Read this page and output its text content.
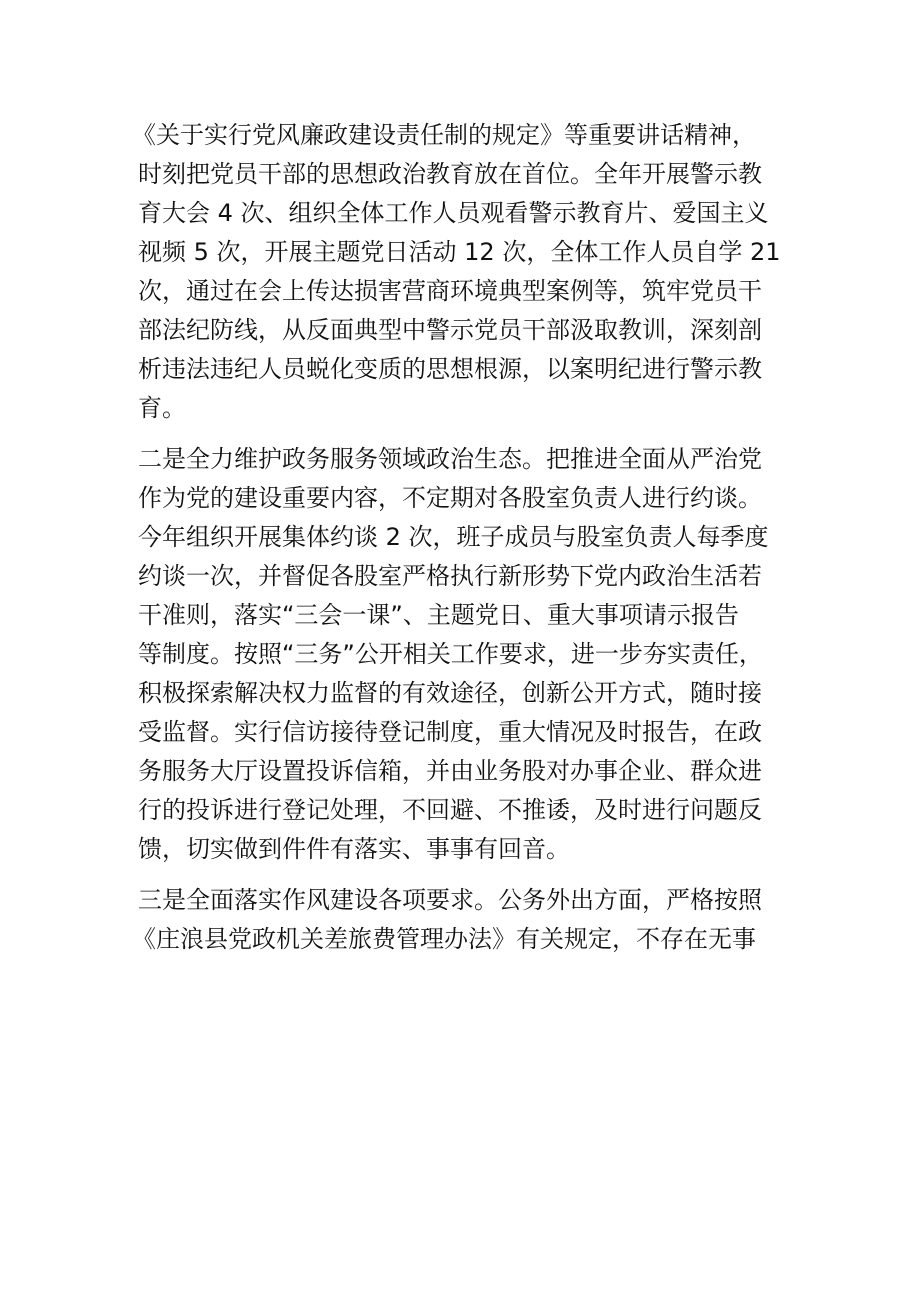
《关于实行党风廉政建设责任制的规定》等重要讲话精神，
时刻把党员干部的思想政治教育放在首位。全年开展警示教
育大会 4 次、组织全体工作人员观看警示教育片、爱国主义
视频 5 次，开展主题党日活动 12 次，全体工作人员自学 21
次，通过在会上传达损害营商环境典型案例等，筑牢党员干
部法纪防线，从反面典型中警示党员干部汲取教训，深刻剖
析违法违纪人员蜕化变质的思想根源，以案明纪进行警示教
育。
二是全力维护政务服务领域政治生态。把推进全面从严治党
作为党的建设重要内容，不定期对各股室负责人进行约谈。
今年组织开展集体约谈 2 次，班子成员与股室负责人每季度
约谈一次，并督促各股室严格执行新形势下党内政治生活若
干准则，落实“三会一课”、主题党日、重大事项请示报告
等制度。按照“三务”公开相关工作要求，进一步夯实责任，
积极探索解决权力监督的有效途径，创新公开方式，随时接
受监督。实行信访接待登记制度，重大情况及时报告，在政
务服务大厅设置投诉信箱，并由业务股对办事企业、群众进
行的投诉进行登记处理，不回避、不推诿，及时进行问题反
馈，切实做到件件有落实、事事有回音。
三是全面落实作风建设各项要求。公务外出方面，严格按照
《庄浪县党政机关差旅费管理办法》有关规定，不存在无事
